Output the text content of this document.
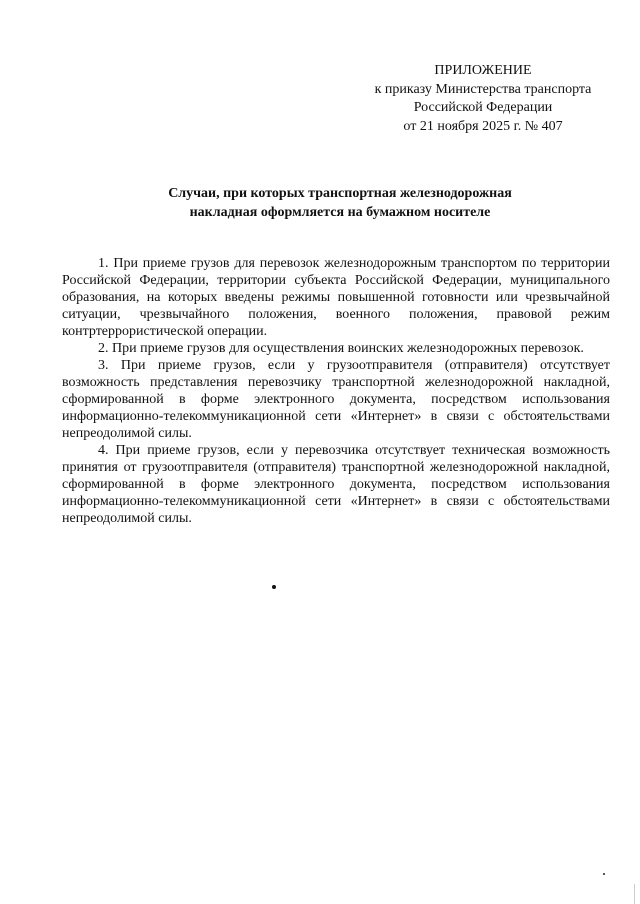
ПРИЛОЖЕНИЕ
к приказу Министерства транспорта
Российской Федерации
от 21 ноября 2025 г. № 407
Случаи, при которых транспортная железнодорожная
накладная оформляется на бумажном носителе

1. При приеме грузов для перевозок железнодорожным транспортом по территории Российской Федерации, территории субъекта Российской Федерации, муниципального образования, на которых введены режимы повышенной готовности или чрезвычайной ситуации, чрезвычайного положения, военного положения, правовой режим контртеррористической операции.

2. При приеме грузов для осуществления воинских железнодорожных перевозок.

3. При приеме грузов, если у грузоотправителя (отправителя) отсутствует возможность представления перевозчику транспортной железнодорожной накладной, сформированной в форме электронного документа, посредством использования информационно-телекоммуникационной сети «Интернет» в связи с обстоятельствами непреодолимой силы.

4. При приеме грузов, если у перевозчика отсутствует техническая возможность принятия от грузоотправителя (отправителя) транспортной железнодорожной накладной, сформированной в форме электронного документа, посредством использования информационно-телекоммуникационной сети «Интернет» в связи с обстоятельствами непреодолимой силы.
